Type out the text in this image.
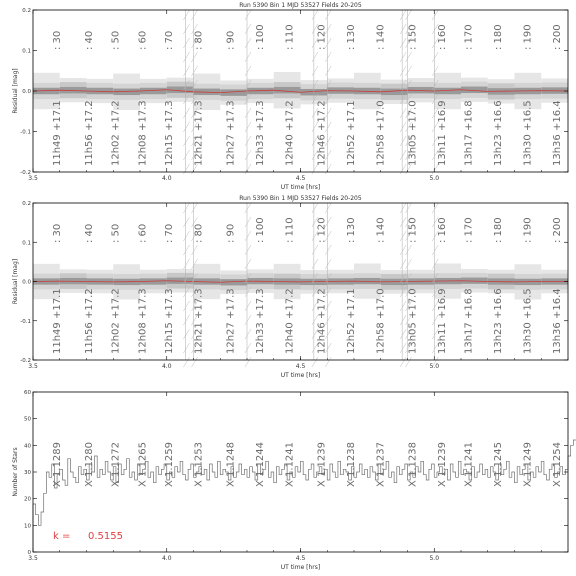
Run 5390 Bin 1 MJD 53527 Fields 20-205
: 30
11h49 +17.1
: 40
11h56 +17.2
: 50
12h02 +17.2
: 60
12h08 +17.3
: 70
12h15 +17.3
: 80
12h21 +17.3
: 90
12h27 +17.3
: 100
12h33 +17.3
: 110
12h40 +17.2
: 120
12h46 +17.2
: 130
12h52 +17.1
: 140
12h58 +17.0
: 150
13h05 +17.0
: 160
13h11 +16.9
: 170
13h17 +16.8
: 180
13h23 +16.6
: 190
13h30 +16.5
: 200
13h36 +16.4
3.5	4.0	4.5	5.0
-0.2
-0.1
0.0
0.1
0.2
UT time [hrs]
Residual [mag]
Run 5390 Bin 1 MJD 53527 Fields 20-205
: 30
11h49 +17.1
: 40
11h56 +17.2
: 50
12h02 +17.2
: 60
12h08 +17.3
: 70
12h15 +17.3
: 80
12h21 +17.3
: 90
12h27 +17.3
: 100
12h33 +17.3
: 110
12h40 +17.2
: 120
12h46 +17.2
: 130
12h52 +17.1
: 140
12h58 +17.0
: 150
13h05 +17.0
: 160
13h11 +16.9
: 170
13h17 +16.8
: 180
13h23 +16.6
: 190
13h30 +16.5
: 200
13h36 +16.4
3.5	4.0	4.5	5.0
-0.2
-0.1
0.0
0.1
0.2
UT time [hrs]
Residual [mag]
X 1.1289 X 1.1280 X 1.1272 X 1.1265 X 1.1259 X 1.1253 X 1.1248 X 1.1244 X 1.1241 X 1.1239 X 1.1238 X 1.1237 X 1.1238 X 1.1239 X 1.1241 X 1.1245 X 1.1249 X 1.1254
k = 0.5155
3.5	4.0	4.5	5.0
0
10
20
30
40
50
60
UT time [hrs]
Number of Stars
